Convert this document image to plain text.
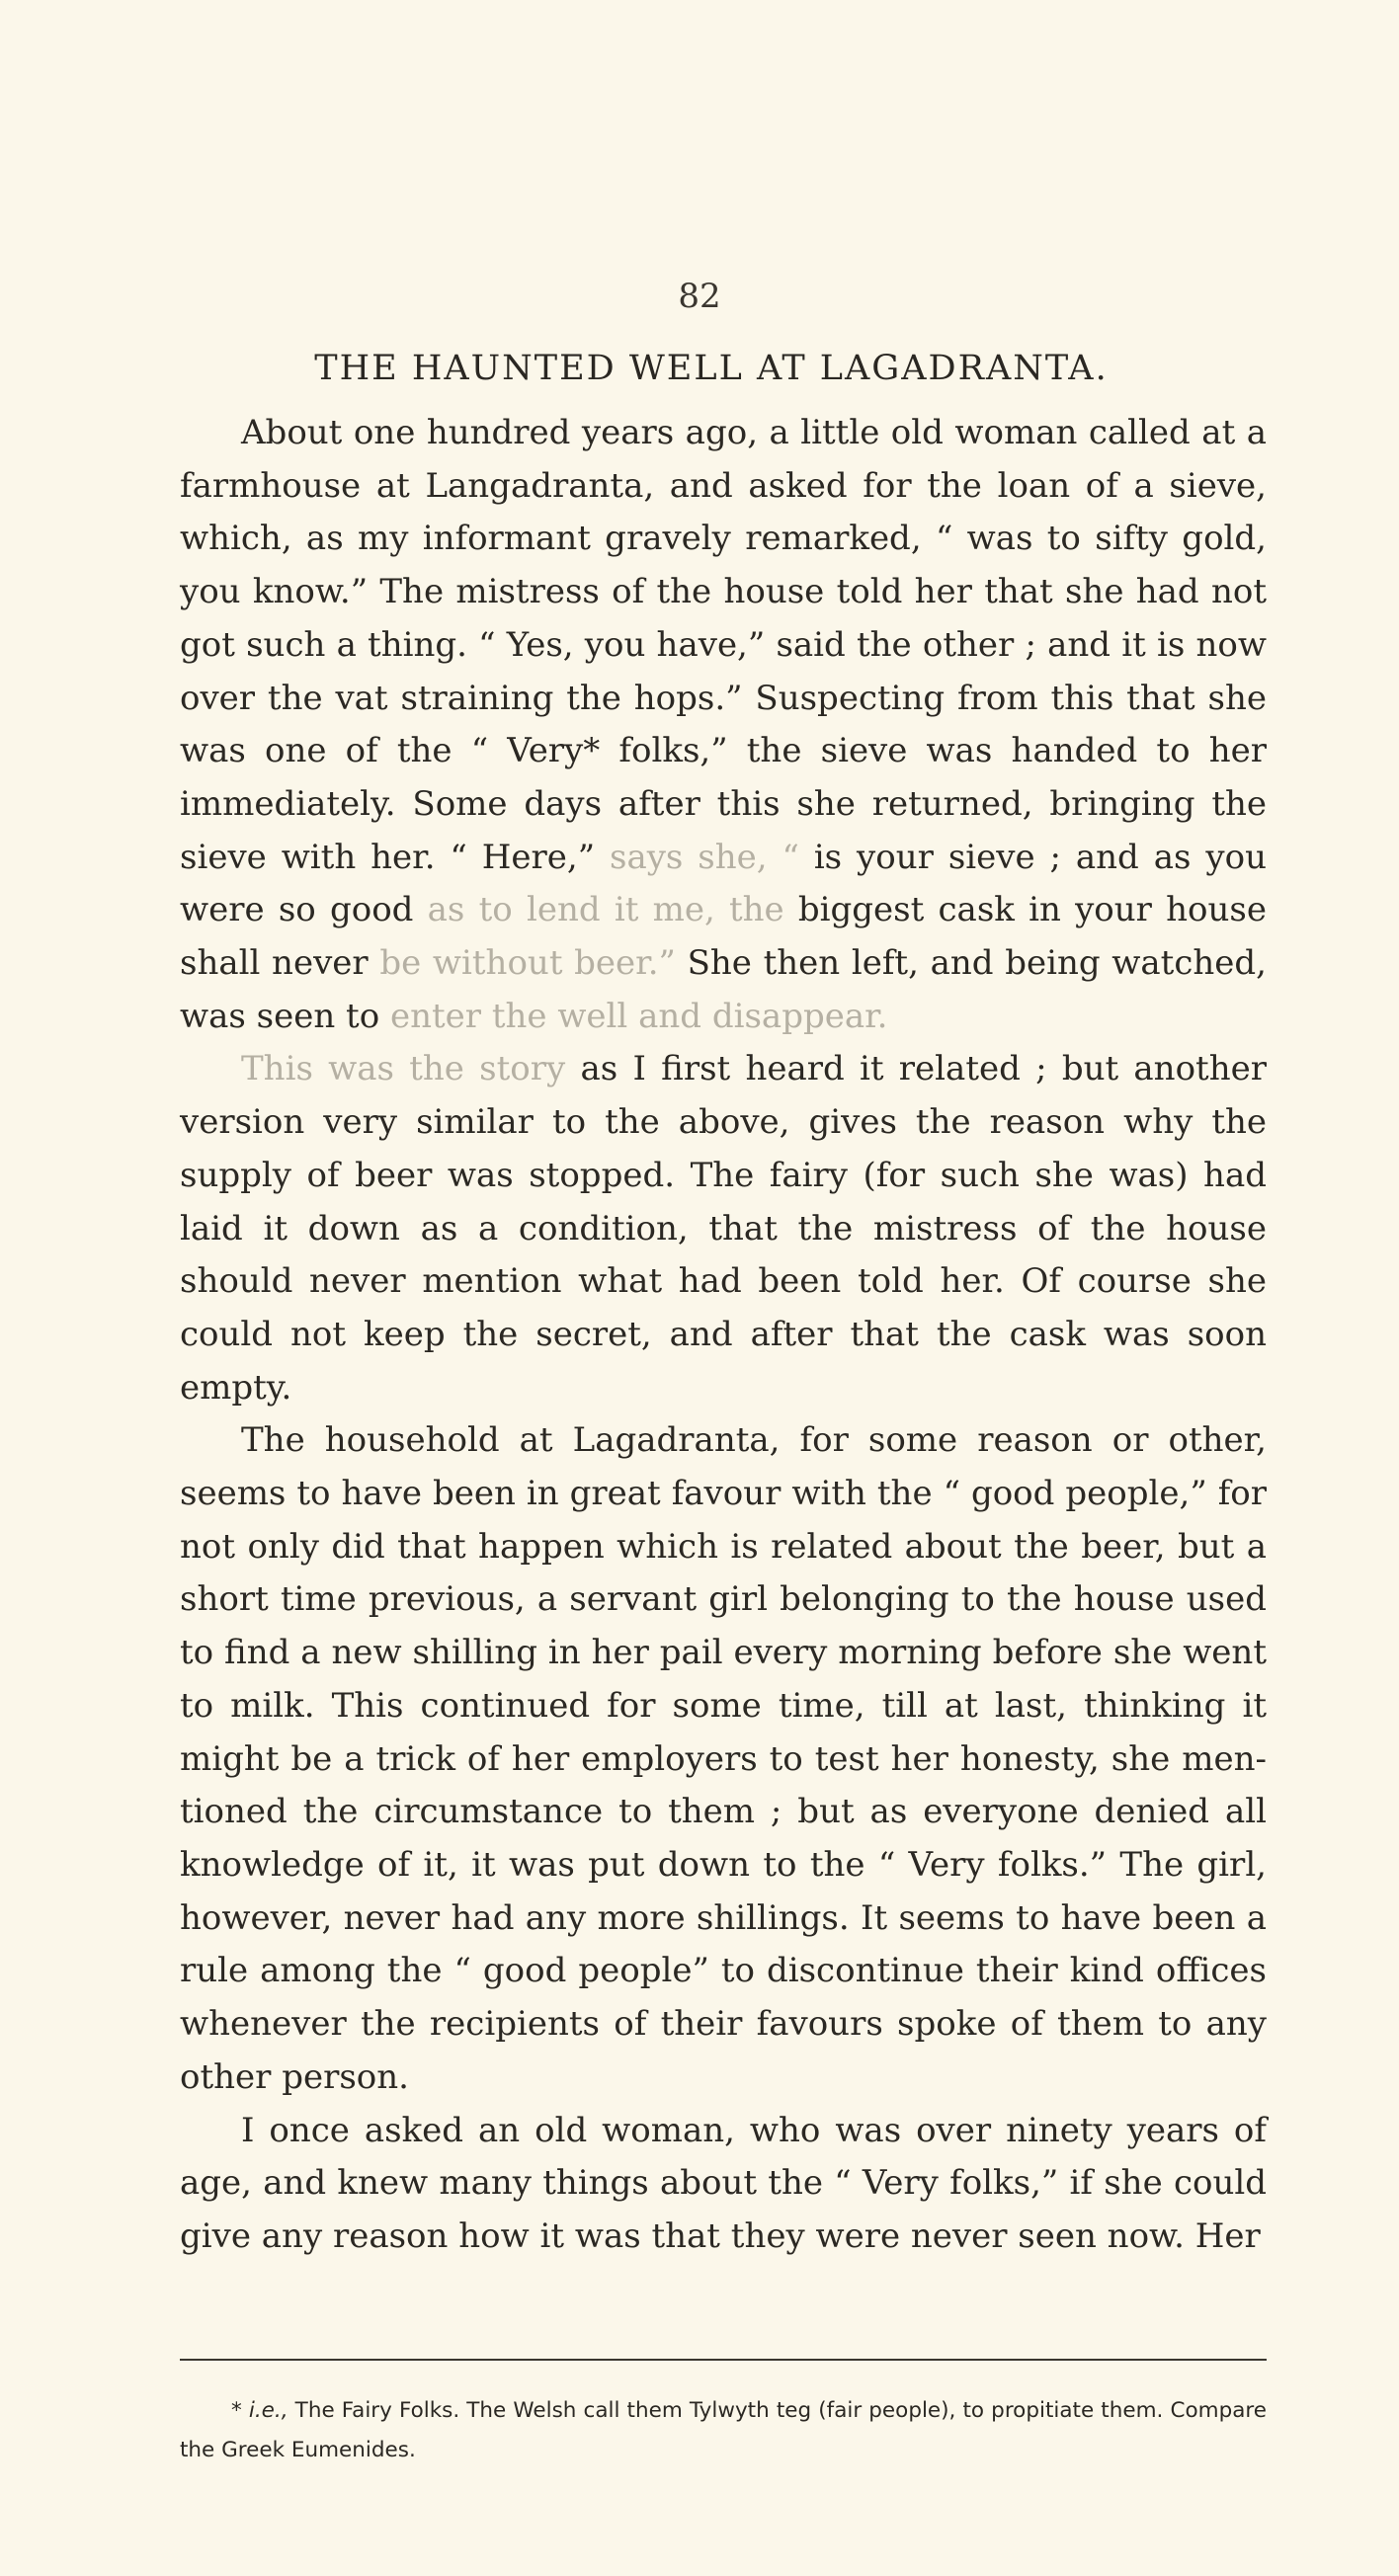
82
THE HAUNTED WELL AT LAGADRANTA.

About one hundred years ago, a little old woman called at a farmhouse at Langadranta, and asked for the loan of a sieve, which, as my informant gravely remarked, “ was to sifty gold, you know.” The mistress of the house told her that she had not got such a thing. “ Yes, you have,” said the other ; and it is now over the vat straining the hops.” Suspecting from this that she was one of the “ Very* folks,” the sieve was handed to her immediately. Some days after this she returned, bringing the sieve with her. “ Here,” says she, “ is your sieve ; and as you were so good as to lend it me, the biggest cask in your house shall never be without beer.” She then left, and being watched, was seen to enter the well and disappear.

This was the story as I first heard it related ; but another version very similar to the above, gives the reason why the supply of beer was stopped. The fairy (for such she was) had laid it down as a condition, that the mistress of the house should never mention what had been told her. Of course she could not keep the secret, and after that the cask was soon empty.

The household at Lagadranta, for some reason or other, seems to have been in great favour with the “ good people,” for not only did that happen which is related about the beer, but a short time previous, a servant girl belonging to the house used to find a new shilling in her pail every morning before she went to milk. This continued for some time, till at last, thinking it might be a trick of her employers to test her honesty, she mentioned the circumstance to them ; but as everyone denied all knowledge of it, it was put down to the “ Very folks.” The girl, however, never had any more shillings. It seems to have been a rule among the “ good people” to discontinue their kind offices whenever the recipients of their favours spoke of them to any other person.

I once asked an old woman, who was over ninety years of age, and knew many things about the “ Very folks,” if she could give any reason how it was that they were never seen now. Her

* i.e., The Fairy Folks. The Welsh call them Tylwyth teg (fair people), to propitiate them. Compare the Greek Eumenides.
